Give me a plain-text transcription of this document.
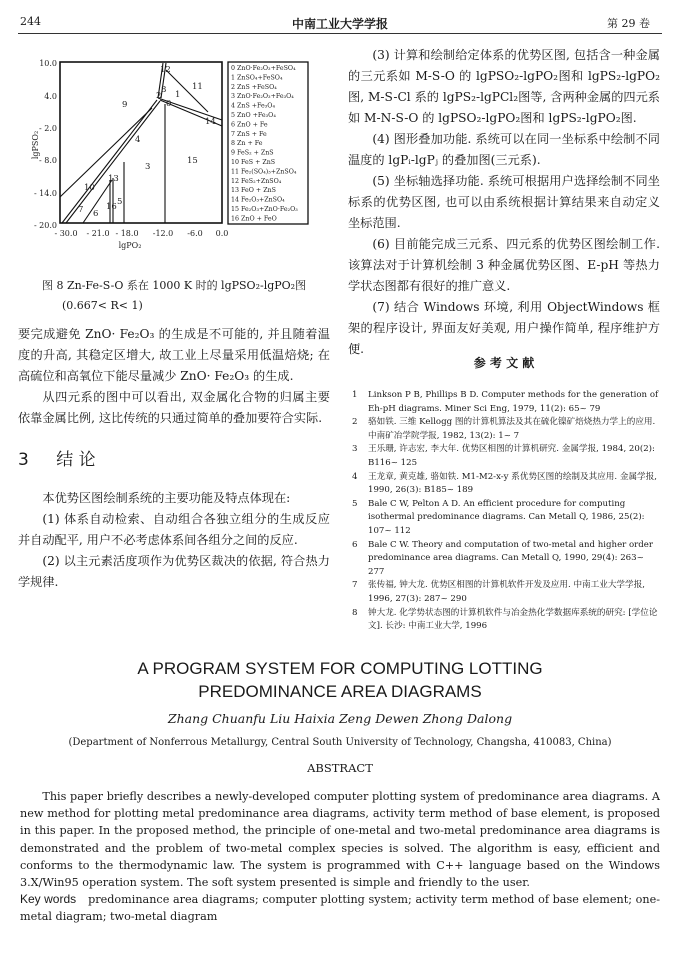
244	中南工业大学学报	第 29 卷
10.0
4.0
- 2.0
- 8.0
- 14.0
- 20.0
- 30.0 - 21.0 - 18.0 -12.0 -6.0 0.0
lgPO₂
lgPSO₂
0
1
2
3
4
5
6
7
8
9
10
11
12
13
14
15
16
0 ZnO·Fe₂O₃+FeSO₄
1 ZnSO₄+FeSO₄
2 ZnS +FeSO₄
3 ZnO·Fe₂O₃+Fe₃O₄
4 ZnS +Fe₃O₄
5 ZnO +Fe₃O₄
6 ZnO + Fe
7 ZnS + Fe
8 Zn + Fe
9 FeS₂ + ZnS
10 FeS + ZnS
11 Fe₂(SO₄)₃+ZnSO₄
12 FeS₂+ZnSO₄
13 FeO + ZnS
14 Fe₂O₃+ZnSO₄
15 Fe₂O₃+ZnO·Fe₂O₃
16 ZnO + FeO
图 8 Zn-Fe-S-O 系在 1000 K 时的 lgPSO₂-lgPO₂图
(0.667< R< 1)

要完成避免 ZnO· Fe₂O₃ 的生成是不可能的, 并且随着温度的升高, 其稳定区增大, 故工业上尽量采用低温焙烧; 在高硫位和高氧位下能尽量减少 ZnO· Fe₂O₃ 的生成.

从四元系的图中可以看出, 双金属化合物的归属主要依靠金属比例, 这比传统的只通过简单的叠加要符合实际.

3 结 论

本优势区图绘制系统的主要功能及特点体现在:

(1) 体系自动检索、自动组合各独立组分的生成反应并自动配平, 用户不必考虑体系间各组分之间的反应.

(2) 以主元素活度项作为优势区裁决的依据, 符合热力学规律.

(3) 计算和绘制给定体系的优势区图, 包括含一种金属的三元系如 M-S-O 的 lgPSO₂-lgPO₂图和 lgPS₂-lgPO₂图, M-S-Cl 系的 lgPS₂-lgPCl₂图等, 含两种金属的四元系如 M-N-S-O 的 lgPSO₂-lgPO₂图和 lgPS₂-lgPO₂图.

(4) 图形叠加功能. 系统可以在同一坐标系中绘制不同温度的 lgPᵢ-lgPⱼ 的叠加图(三元系).

(5) 坐标轴选择功能. 系统可根据用户选择绘制不同坐标系的优势区图, 也可以由系统根据计算结果来自动定义坐标范围.

(6) 目前能完成三元系、四元系的优势区图绘制工作. 该算法对于计算机绘制 3 种金属优势区图、E-pH 等热力学状态图都有很好的推广意义.

(7) 结合 Windows 环境, 利用 ObjectWindows 框架的程序设计, 界面友好美观, 用户操作简单, 程序维护方便.

参 考 文 献
1	Linkson P B, Phillips B D. Computer methods for the generation of Eh-pH diagrams. Miner Sci Eng, 1979, 11(2): 65~ 79
2	骆如铁. 三维 Kellogg 图的计算机算法及其在硫化镍矿焙烧热力学上的应用. 中南矿冶学院学报, 1982, 13(2): 1~ 7
3	王乐珊, 许志宏, 李大年. 优势区相图的计算机研究. 金属学报, 1984, 20(2): B116~ 125
4	王龙章, 黄克雄, 骆如铁. M1-M2-x-y 系优势区图的绘制及其应用. 金属学报, 1990, 26(3): B185~ 189
5	Bale C W, Pelton A D. An efficient procedure for computing isothermal predominance diagrams. Can Metall Q, 1986, 25(2): 107~ 112
6	Bale C W. Theory and computation of two-metal and higher order predominance area diagrams. Can Metall Q, 1990, 29(4): 263~ 277
7	张传福, 钟大龙. 优势区相图的计算机软件开发及应用. 中南工业大学学报, 1996, 27(3): 287~ 290
8	钟大龙. 化学势状态图的计算机软件与冶金热化学数据库系统的研究: [学位论文]. 长沙: 中南工业大学, 1996
A PROGRAM SYSTEM FOR COMPUTING LOTTING
PREDOMINANCE AREA DIAGRAMS
Zhang Chuanfu Liu Haixia Zeng Dewen Zhong Dalong
(Department of Nonferrous Metallurgy, Central South University of Technology, Changsha, 410083, China)
ABSTRACT
This paper briefly describes a newly-developed computer plotting system of predominance area diagrams. A new method for plotting metal predominance area diagrams, activity term method of base element, is proposed in this paper. In the proposed method, the principle of one-metal and two-metal predominance area diagrams is demonstrated and the problem of two-metal complex species is solved. The algorithm is easy, efficient and conforms to the thermodynamic law. The system is programmed with C++ language based on the Windows 3.X/Win95 operation system. The soft system presented is simple and friendly to the user.
Key words predominance area diagrams; computer plotting system; activity term method of base element; one-metal diagram; two-metal diagram
